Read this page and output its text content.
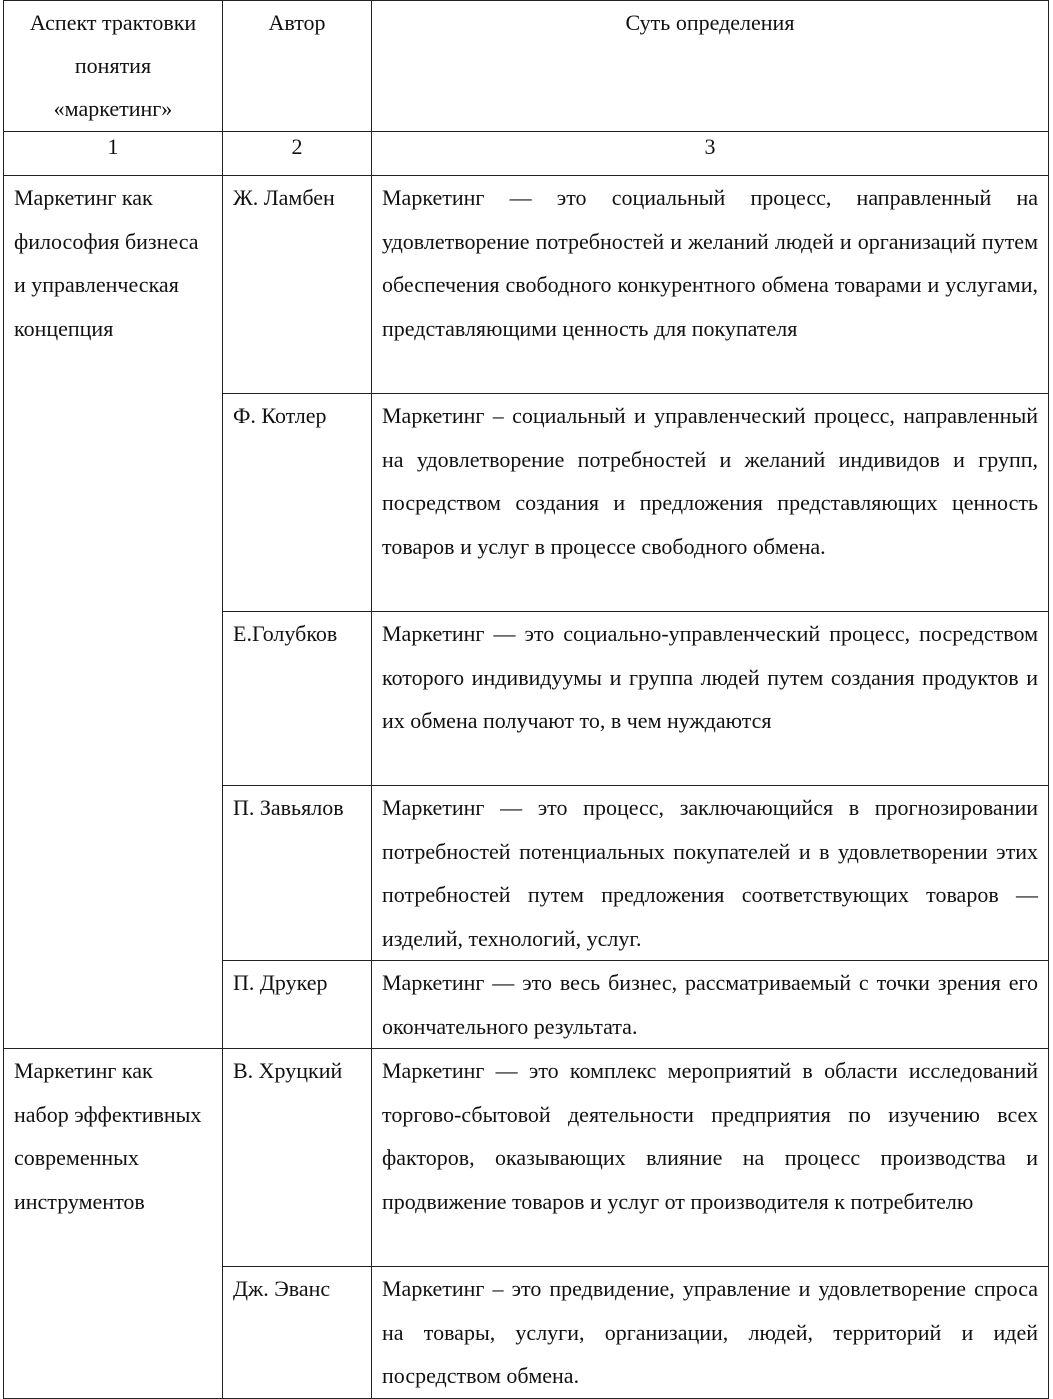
Аспект трактовки понятия «маркетинг»	Автор	Суть определения
1	2	3
Маркетинг как философия бизнеса и управленческая концепция	Ж. Ламбен	Маркетинг — это социальный процесс, направленный на удовлетворение потребностей и желаний людей и организаций путем обеспечения свободного конкурентного обмена товарами и услугами, представляющими ценность для покупателя
	Ф. Котлер	Маркетинг – социальный и управленческий процесс, направленный на удовлетворение потребностей и желаний индивидов и групп, посредством создания и предложения представляющих ценность товаров и услуг в процессе свободного обмена.
	Е.Голубков	Маркетинг — это социально-управленческий процесс, посредством которого индивидуумы и группа людей путем создания продуктов и их обмена получают то, в чем нуждаются
	П. Завьялов	Маркетинг — это процесс, заключающийся в прогнозировании потребностей потенциальных покупателей и в удовлетворении этих потребностей путем предложения соответствующих товаров — изделий, технологий, услуг.
	П. Друкер	Маркетинг — это весь бизнес, рассматриваемый с точки зрения его окончательного результата.
Маркетинг как набор эффективных современных инструментов	В. Хруцкий	Маркетинг — это комплекс мероприятий в области исследований торгово-сбытовой деятельности предприятия по изучению всех факторов, оказывающих влияние на процесс производства и продвижение товаров и услуг от производителя к потребителю
	Дж. Эванс	Маркетинг – это предвидение, управление и удовлетворение спроса на товары, услуги, организации, людей, территорий и идей посредством обмена.
